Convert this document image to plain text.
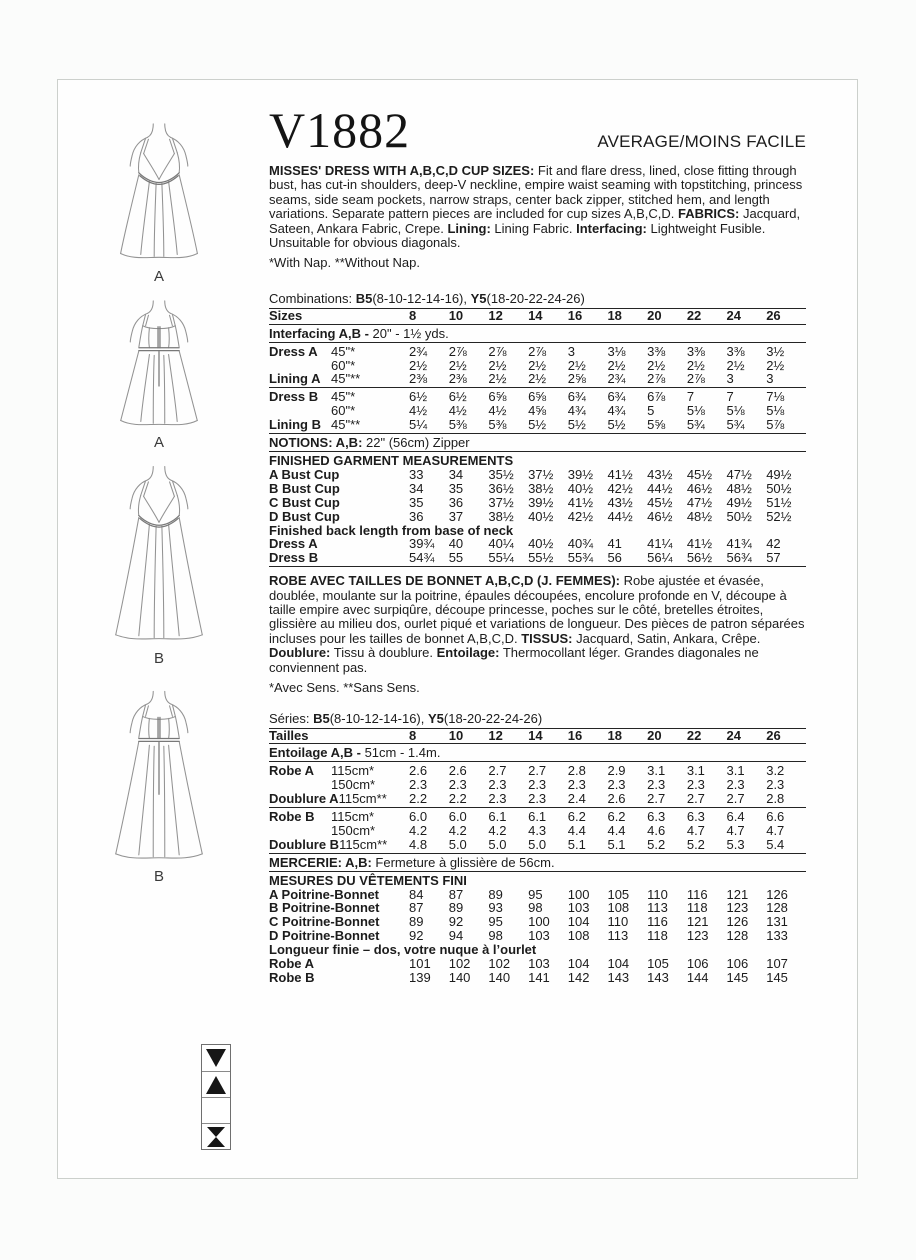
A
A
B
B
V1882	AVERAGE/MOINS FACILE

MISSES' DRESS WITH A,B,C,D CUP SIZES: Fit and flare dress, lined, close fitting through bust, has cut-in shoulders, deep-V neckline, empire waist seaming with topstitching, princess seams, side seam pockets, narrow straps, center back zipper, stitched hem, and length variations. Separate pattern pieces are included for cup sizes A,B,C,D. FABRICS: Jacquard, Sateen, Ankara Fabric, Crepe. Lining: Lining Fabric. Interfacing: Lightweight Fusible. Unsuitable for obvious diagonals.

*With Nap. **Without Nap.
Combinations: B5(8-10-12-14-16), Y5(18-20-22-24-26)
Sizes	8	10	12	14	16	18	20	22	24	26
Interfacing A,B - 20" - 1½ yds.										
Dress A 45"*	2¾	2⅞	2⅞	2⅞	3	3⅛	3⅜	3⅜	3⅜	3½
60"*	2½	2½	2½	2½	2½	2½	2½	2½	2½	2½
Lining A 45"**	2⅜	2⅜	2½	2½	2⅝	2¾	2⅞	2⅞	3	3
Dress B 45"*	6½	6½	6⅝	6⅝	6¾	6¾	6⅞	7	7	7⅛
60"*	4½	4½	4½	4⅝	4¾	4¾	5	5⅛	5⅛	5⅛
Lining B 45"**	5¼	5⅜	5⅜	5½	5½	5½	5⅝	5¾	5¾	5⅞
NOTIONS: A,B: 22" (56cm) Zipper										
FINISHED GARMENT MEASUREMENTS										
A Bust Cup	33	34	35½	37½	39½	41½	43½	45½	47½	49½
B Bust Cup	34	35	36½	38½	40½	42½	44½	46½	48½	50½
C Bust Cup	35	36	37½	39½	41½	43½	45½	47½	49½	51½
D Bust Cup	36	37	38½	40½	42½	44½	46½	48½	50½	52½
Finished back length from base of neck										
Dress A	39¾	40	40¼	40½	40¾	41	41¼	41½	41¾	42
Dress B	54¾	55	55¼	55½	55¾	56	56¼	56½	56¾	57

ROBE AVEC TAILLES DE BONNET A,B,C,D (J. FEMMES): Robe ajustée et évasée, doublée, moulante sur la poitrine, épaules découpées, encolure profonde en V, découpe à taille empire avec surpiqûre, découpe princesse, poches sur le côté, bretelles étroites, glissière au milieu dos, ourlet piqué et variations de longueur. Des pièces de patron séparées incluses pour les tailles de bonnet A,B,C,D. TISSUS: Jacquard, Satin, Ankara, Crêpe. Doublure: Tissu à doublure. Entoilage: Thermocollant léger. Grandes diagonales ne conviennent pas.

*Avec Sens. **Sans Sens.
Séries: B5(8-10-12-14-16), Y5(18-20-22-24-26)
Tailles	8	10	12	14	16	18	20	22	24	26
Entoilage A,B - 51cm - 1.4m.										
Robe A 115cm*	2.6	2.6	2.7	2.7	2.8	2.9	3.1	3.1	3.1	3.2
150cm*	2.3	2.3	2.3	2.3	2.3	2.3	2.3	2.3	2.3	2.3
Doublure A115cm**	2.2	2.2	2.3	2.3	2.4	2.6	2.7	2.7	2.7	2.8
Robe B 115cm*	6.0	6.0	6.1	6.1	6.2	6.2	6.3	6.3	6.4	6.6
150cm*	4.2	4.2	4.2	4.3	4.4	4.4	4.6	4.7	4.7	4.7
Doublure B115cm**	4.8	5.0	5.0	5.0	5.1	5.1	5.2	5.2	5.3	5.4
MERCERIE: A,B: Fermeture à glissière de 56cm.										
MESURES DU VÊTEMENTS FINI										
A Poitrine-Bonnet	84	87	89	95	100	105	110	116	121	126
B Poitrine-Bonnet	87	89	93	98	103	108	113	118	123	128
C Poitrine-Bonnet	89	92	95	100	104	110	116	121	126	131
D Poitrine-Bonnet	92	94	98	103	108	113	118	123	128	133
Longueur finie – dos, votre nuque à l’ourlet										
Robe A	101	102	102	103	104	104	105	106	106	107
Robe B	139	140	140	141	142	143	143	144	145	145
